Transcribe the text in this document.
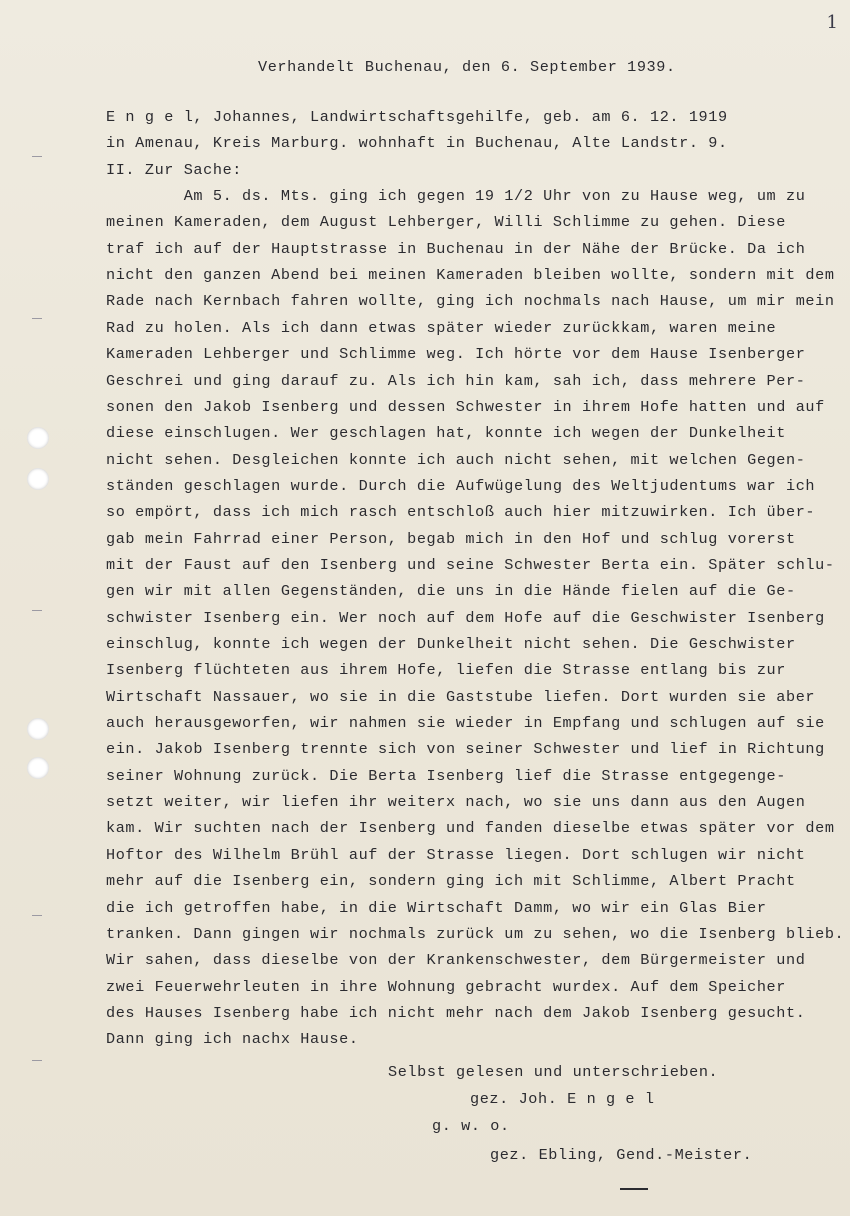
1
Verhandelt Buchenau, den 6. September 1939.
E n g e l, Johannes, Landwirtschaftsgehilfe, geb. am 6. 12. 1919
in Amenau, Kreis Marburg. wohnhaft in Buchenau, Alte Landstr. 9.
II. Zur Sache:
Am 5. ds. Mts. ging ich gegen 19 1/2 Uhr von zu Hause weg, um zu
meinen Kameraden, dem August Lehberger, Willi Schlimme zu gehen. Diese
traf ich auf der Hauptstrasse in Buchenau in der Nähe der Brücke. Da ich
nicht den ganzen Abend bei meinen Kameraden bleiben wollte, sondern mit dem
Rade nach Kernbach fahren wollte, ging ich nochmals nach Hause, um mir mein
Rad zu holen. Als ich dann etwas später wieder zurückkam, waren meine
Kameraden Lehberger und Schlimme weg. Ich hörte vor dem Hause Isenberger
Geschrei und ging darauf zu. Als ich hin kam, sah ich, dass mehrere Per-
sonen den Jakob Isenberg und dessen Schwester in ihrem Hofe hatten und auf
diese einschlugen. Wer geschlagen hat, konnte ich wegen der Dunkelheit
nicht sehen. Desgleichen konnte ich auch nicht sehen, mit welchen Gegen-
ständen geschlagen wurde. Durch die Aufwügelung des Weltjudentums war ich
so empört, dass ich mich rasch entschloß auch hier mitzuwirken. Ich über-
gab mein Fahrrad einer Person, begab mich in den Hof und schlug vorerst
mit der Faust auf den Isenberg und seine Schwester Berta ein. Später schlu-
gen wir mit allen Gegenständen, die uns in die Hände fielen auf die Ge-
schwister Isenberg ein. Wer noch auf dem Hofe auf die Geschwister Isenberg
einschlug, konnte ich wegen der Dunkelheit nicht sehen. Die Geschwister
Isenberg flüchteten aus ihrem Hofe, liefen die Strasse entlang bis zur
Wirtschaft Nassauer, wo sie in die Gaststube liefen. Dort wurden sie aber
auch herausgeworfen, wir nahmen sie wieder in Empfang und schlugen auf sie
ein. Jakob Isenberg trennte sich von seiner Schwester und lief in Richtung
seiner Wohnung zurück. Die Berta Isenberg lief die Strasse entgegenge-
setzt weiter, wir liefen ihr weiterx nach, wo sie uns dann aus den Augen
kam. Wir suchten nach der Isenberg und fanden dieselbe etwas später vor dem
Hoftor des Wilhelm Brühl auf der Strasse liegen. Dort schlugen wir nicht
mehr auf die Isenberg ein, sondern ging ich mit Schlimme, Albert Pracht
die ich getroffen habe, in die Wirtschaft Damm, wo wir ein Glas Bier
tranken. Dann gingen wir nochmals zurück um zu sehen, wo die Isenberg blieb.
Wir sahen, dass dieselbe von der Krankenschwester, dem Bürgermeister und
zwei Feuerwehrleuten in ihre Wohnung gebracht wurdex. Auf dem Speicher
des Hauses Isenberg habe ich nicht mehr nach dem Jakob Isenberg gesucht.
Dann ging ich nachx Hause.
Selbst gelesen und unterschrieben.
gez. Joh. E n g e l
g. w. o.
gez. Ebling, Gend.-Meister.
